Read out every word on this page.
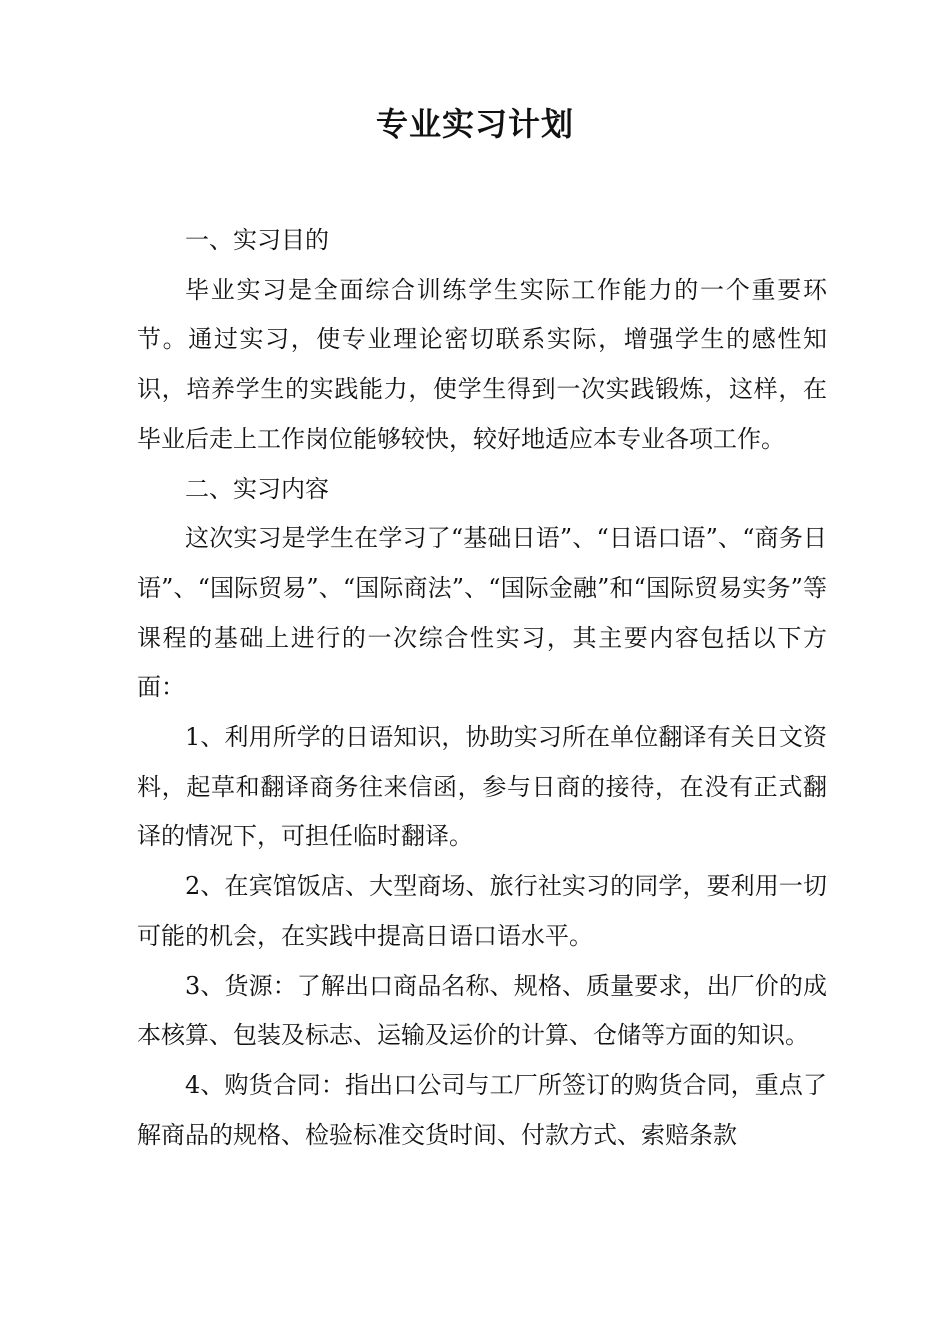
专业实习计划

一、实习目的

毕业实习是全面综合训练学生实际工作能力的一个重要环节。通过实习，使专业理论密切联系实际，增强学生的感性知识，培养学生的实践能力，使学生得到一次实践锻炼，这样，在毕业后走上工作岗位能够较快，较好地适应本专业各项工作。

二、实习内容

这次实习是学生在学习了“基础日语”、“日语口语”、“商务日语”、“国际贸易”、“国际商法”、“国际金融”和“国际贸易实务”等课程的基础上进行的一次综合性实习，其主要内容包括以下方面：

1、利用所学的日语知识，协助实习所在单位翻译有关日文资料，起草和翻译商务往来信函，参与日商的接待，在没有正式翻译的情况下，可担任临时翻译。

2、在宾馆饭店、大型商场、旅行社实习的同学，要利用一切可能的机会，在实践中提高日语口语水平。

3、货源：了解出口商品名称、规格、质量要求，出厂价的成本核算、包装及标志、运输及运价的计算、仓储等方面的知识。

4、购货合同：指出口公司与工厂所签订的购货合同，重点了解商品的规格、检验标准交货时间、付款方式、索赔条款
